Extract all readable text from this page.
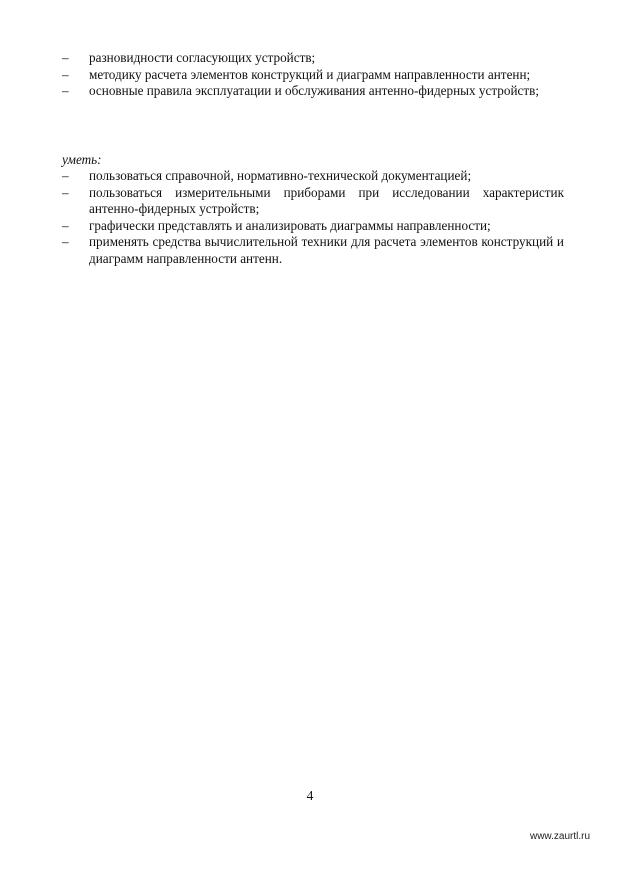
– разновидности согласующих устройств;
– методику расчета элементов конструкций и диаграмм направленности антенн;
– основные правила эксплуатации и обслуживания антенно-фидерных устройств;
уметь:
– пользоваться справочной, нормативно-технической документацией;
– пользоваться измерительными приборами при исследовании характеристик антенно-фидерных устройств;
– графически представлять и анализировать диаграммы направленности;
– применять средства вычислительной техники для расчета элементов конструкций и диаграмм направленности антенн.
4
www.zaurtl.ru
